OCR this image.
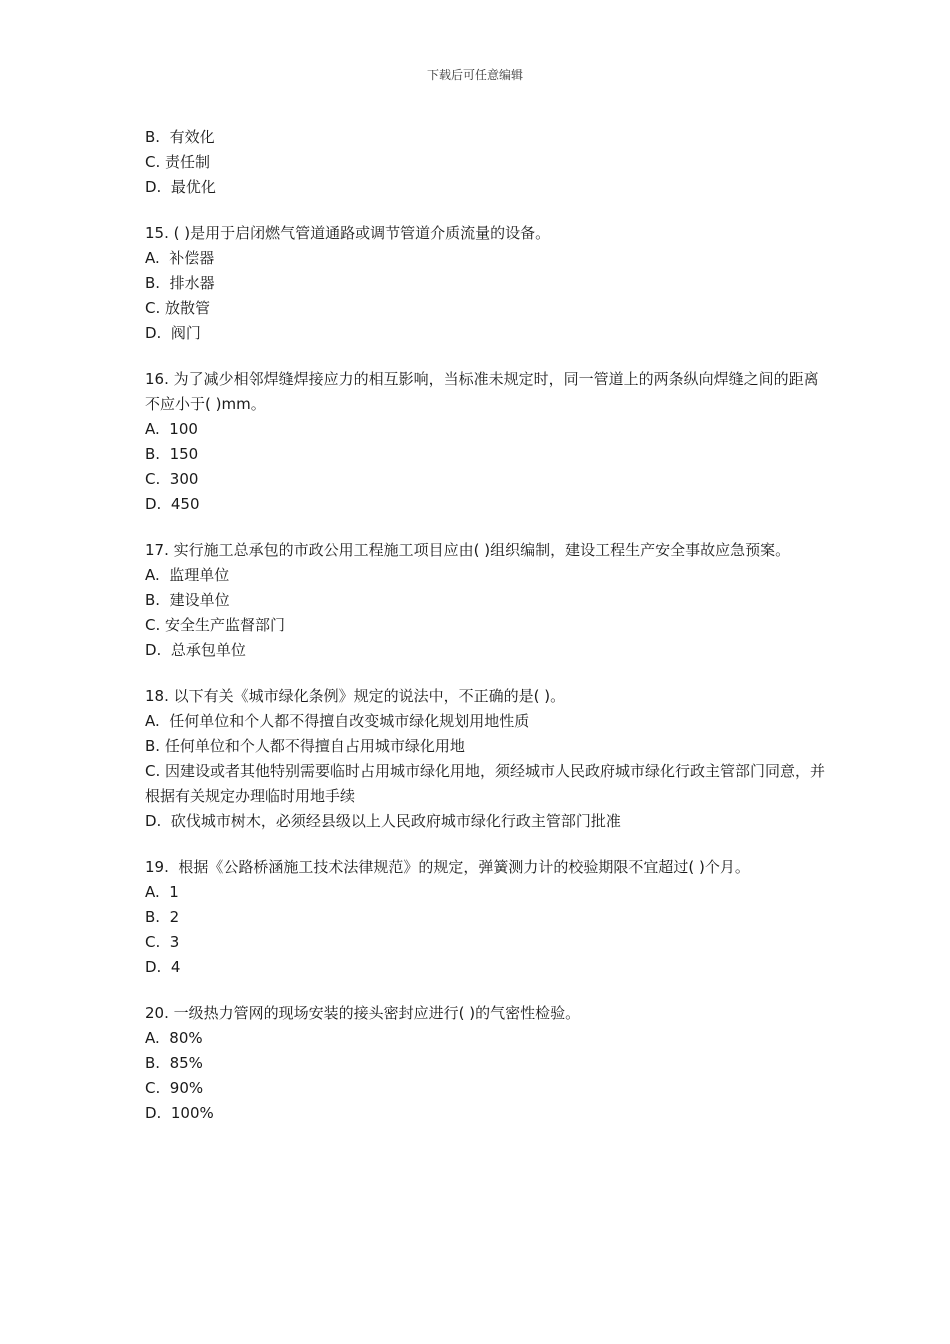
下载后可任意编辑
B.  有效化
C. 责任制
D.  最优化
15. ( )是用于启闭燃气管道通路或调节管道介质流量的设备。
A.  补偿器
B.  排水器
C. 放散管
D.  阀门
16. 为了减少相邻焊缝焊接应力的相互影响，当标准未规定时，同一管道上的两条纵向焊缝之间的距离不应小于( )mm。
A.  100
B.  150
C.  300
D.  450
17. 实行施工总承包的市政公用工程施工项目应由( )组织编制，建设工程生产安全事故应急预案。
A.  监理单位
B.  建设单位
C. 安全生产监督部门
D.  总承包单位
18. 以下有关《城市绿化条例》规定的说法中，不正确的是( )。
A.  任何单位和个人都不得擅自改变城市绿化规划用地性质
B. 任何单位和个人都不得擅自占用城市绿化用地
C. 因建设或者其他特别需要临时占用城市绿化用地，须经城市人民政府城市绿化行政主管部门同意，并根据有关规定办理临时用地手续
D.  砍伐城市树木，必须经县级以上人民政府城市绿化行政主管部门批准
19.  根据《公路桥涵施工技术法律规范》的规定，弹簧测力计的校验期限不宜超过( )个月。
A.  1
B.  2
C.  3
D.  4
20. 一级热力管网的现场安装的接头密封应进行( )的气密性检验。
A.  80%
B.  85%
C.  90%
D.  100%
